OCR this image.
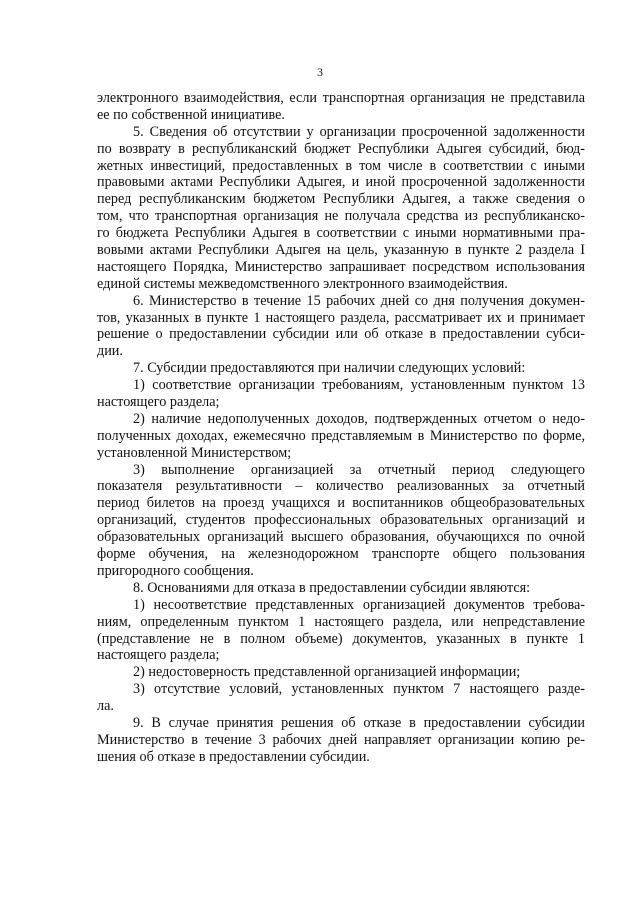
3
электронного взаимодействия, если транспортная организация не представила
ее по собственной инициативе.
5. Сведения об отсутствии у организации просроченной задолженности
по возврату в республиканский бюджет Республики Адыгея субсидий, бюд-
жетных инвестиций, предоставленных в том числе в соответствии с иными
правовыми актами Республики Адыгея, и иной просроченной задолженности
перед республиканским бюджетом Республики Адыгея, а также сведения о
том, что транспортная организация не получала средства из республиканско-
го бюджета Республики Адыгея в соответствии с иными нормативными пра-
вовыми актами Республики Адыгея на цель, указанную в пункте 2 раздела I
настоящего Порядка, Министерство запрашивает посредством использования
единой системы межведомственного электронного взаимодействия.
6. Министерство в течение 15 рабочих дней со дня получения докумен-
тов, указанных в пункте 1 настоящего раздела, рассматривает их и принимает
решение о предоставлении субсидии или об отказе в предоставлении субси-
дии.
7. Субсидии предоставляются при наличии следующих условий:
1) соответствие организации требованиям, установленным пунктом 13
настоящего раздела;
2) наличие недополученных доходов, подтвержденных отчетом о недо-
полученных доходах, ежемесячно представляемым в Министерство по форме,
установленной Министерством;
3) выполнение организацией за отчетный период следующего
показателя результативности – количество реализованных за отчетный
период билетов на проезд учащихся и воспитанников общеобразовательных
организаций, студентов профессиональных образовательных организаций и
образовательных организаций высшего образования, обучающихся по очной
форме обучения, на железнодорожном транспорте общего пользования
пригородного сообщения.
8. Основаниями для отказа в предоставлении субсидии являются:
1) несоответствие представленных организацией документов требова-
ниям, определенным пунктом 1 настоящего раздела, или непредставление
(представление не в полном объеме) документов, указанных в пункте 1
настоящего раздела;
2) недостоверность представленной организацией информации;
3) отсутствие условий, установленных пунктом 7 настоящего разде-
ла.
9. В случае принятия решения об отказе в предоставлении субсидии
Министерство в течение 3 рабочих дней направляет организации копию ре-
шения об отказе в предоставлении субсидии.
